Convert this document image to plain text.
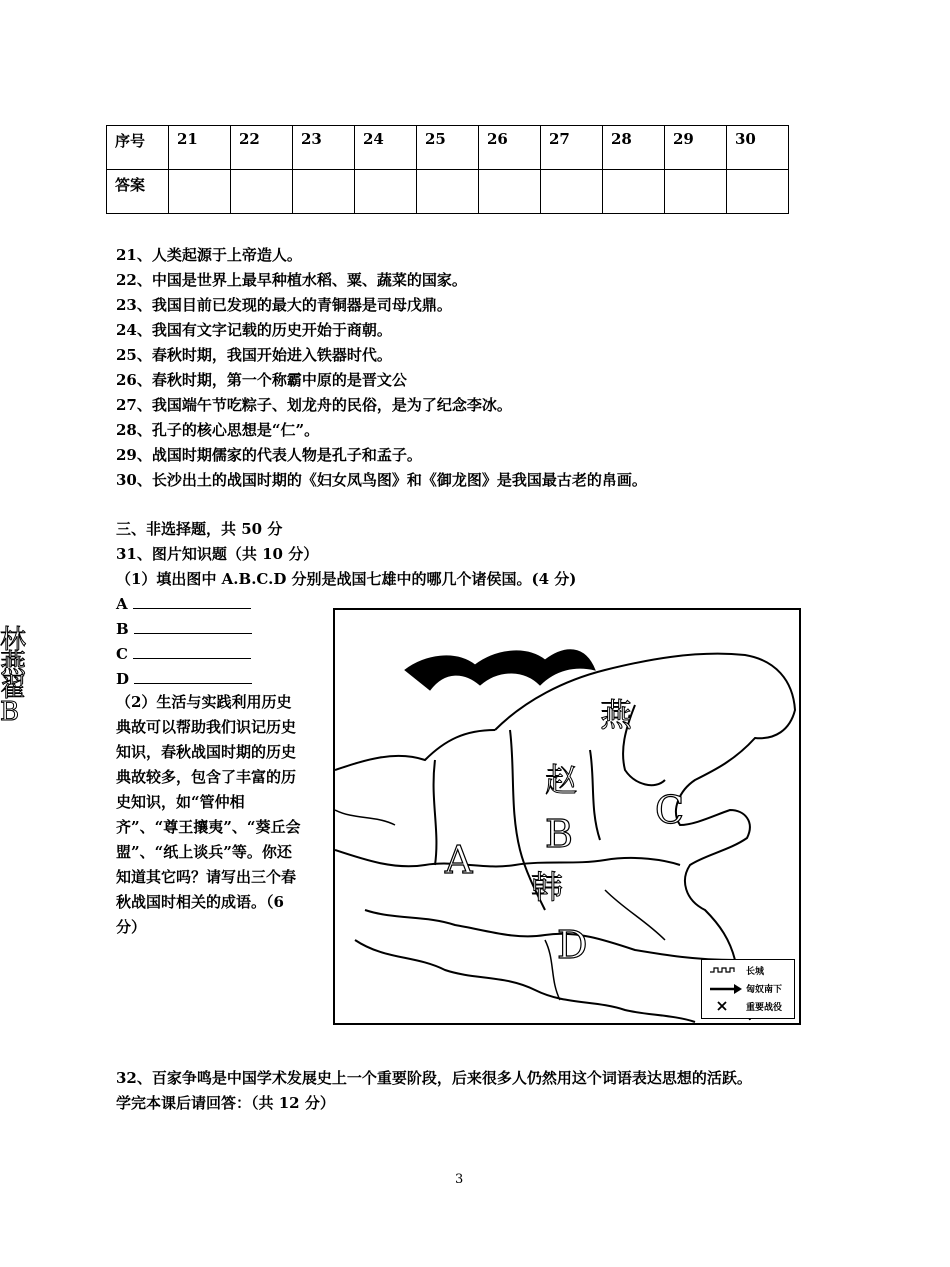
序号	21	22	23	24	25	26	27	28	29	30
答案										
21、人类起源于上帝造人。
22、中国是世界上最早种植水稻、粟、蔬菜的国家。
23、我国目前已发现的最大的青铜器是司母戊鼎。
24、我国有文字记载的历史开始于商朝。
25、春秋时期，我国开始进入铁器时代。
26、春秋时期，第一个称霸中原的是晋文公
27、我国端午节吃粽子、划龙舟的民俗，是为了纪念李冰。
28、孔子的核心思想是“仁”。
29、战国时期儒家的代表人物是孔子和孟子。
30、长沙出土的战国时期的《妇女凤鸟图》和《御龙图》是我国最古老的帛画。
三、非选择题，共 50 分
31、图片知识题（共 10 分）
（1）填出图中 A.B.C.D 分别是战国七雄中的哪几个诸侯国。(4 分)
A
B
C
D
（2）生活与实践利用历史典故可以帮助我们识记历史知识，春秋战国时期的历史典故较多，包含了丰富的历史知识，如“管仲相齐”、“尊王攘夷”、“葵丘会盟”、“纸上谈兵”等。你还知道其它吗？请写出三个春秋战国时相关的成语。（6 分）
林燕翟B	燕
赵
韩
A
B
C
D
长城
匈奴南下
重要战役
32、百家争鸣是中国学术发展史上一个重要阶段，后来很多人仍然用这个词语表达思想的活跃。
学完本课后请回答：（共 12 分）
3
